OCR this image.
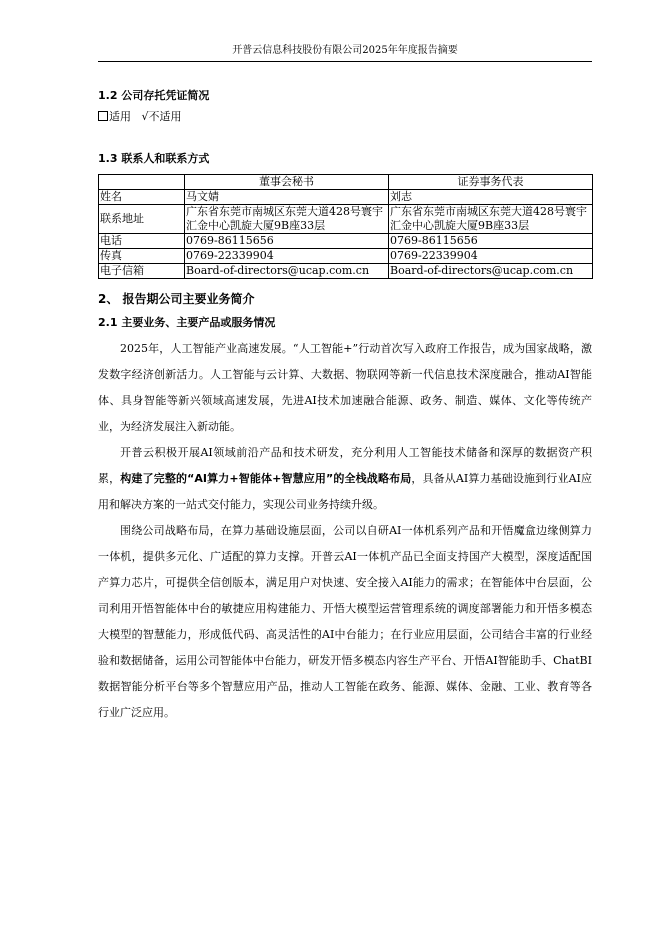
开普云信息科技股份有限公司2025年年度报告摘要
1.2 公司存托凭证简况
适用 √不适用
1.3 联系人和联系方式
	董事会秘书	证券事务代表
姓名	马文婧	刘志
联系地址	广东省东莞市南城区东莞大道428号寰宇汇金中心凯旋大厦9B座33层	广东省东莞市南城区东莞大道428号寰宇汇金中心凯旋大厦9B座33层
电话	0769-86115656	0769-86115656
传真	0769-22339904	0769-22339904
电子信箱	Board-of-directors@ucap.com.cn	Board-of-directors@ucap.com.cn
2、 报告期公司主要业务简介
2.1 主要业务、主要产品或服务情况

2025年，人工智能产业高速发展。“人工智能+”行动首次写入政府工作报告，成为国家战略，激发数字经济创新活力。人工智能与云计算、大数据、物联网等新一代信息技术深度融合，推动AI智能体、具身智能等新兴领域高速发展，先进AI技术加速融合能源、政务、制造、媒体、文化等传统产业，为经济发展注入新动能。

开普云积极开展AI领域前沿产品和技术研发，充分利用人工智能技术储备和深厚的数据资产积累，构建了完整的“AI算力+智能体+智慧应用”的全栈战略布局，具备从AI算力基础设施到行业AI应用和解决方案的一站式交付能力，实现公司业务持续升级。

围绕公司战略布局，在算力基础设施层面，公司以自研AI一体机系列产品和开悟魔盒边缘侧算力一体机，提供多元化、广适配的算力支撑。开普云AI一体机产品已全面支持国产大模型，深度适配国产算力芯片，可提供全信创版本，满足用户对快速、安全接入AI能力的需求；在智能体中台层面，公司利用开悟智能体中台的敏捷应用构建能力、开悟大模型运营管理系统的调度部署能力和开悟多模态大模型的智慧能力，形成低代码、高灵活性的AI中台能力；在行业应用层面，公司结合丰富的行业经验和数据储备，运用公司智能体中台能力，研发开悟多模态内容生产平台、开悟AI智能助手、ChatBI数据智能分析平台等多个智慧应用产品，推动人工智能在政务、能源、媒体、金融、工业、教育等各行业广泛应用。
